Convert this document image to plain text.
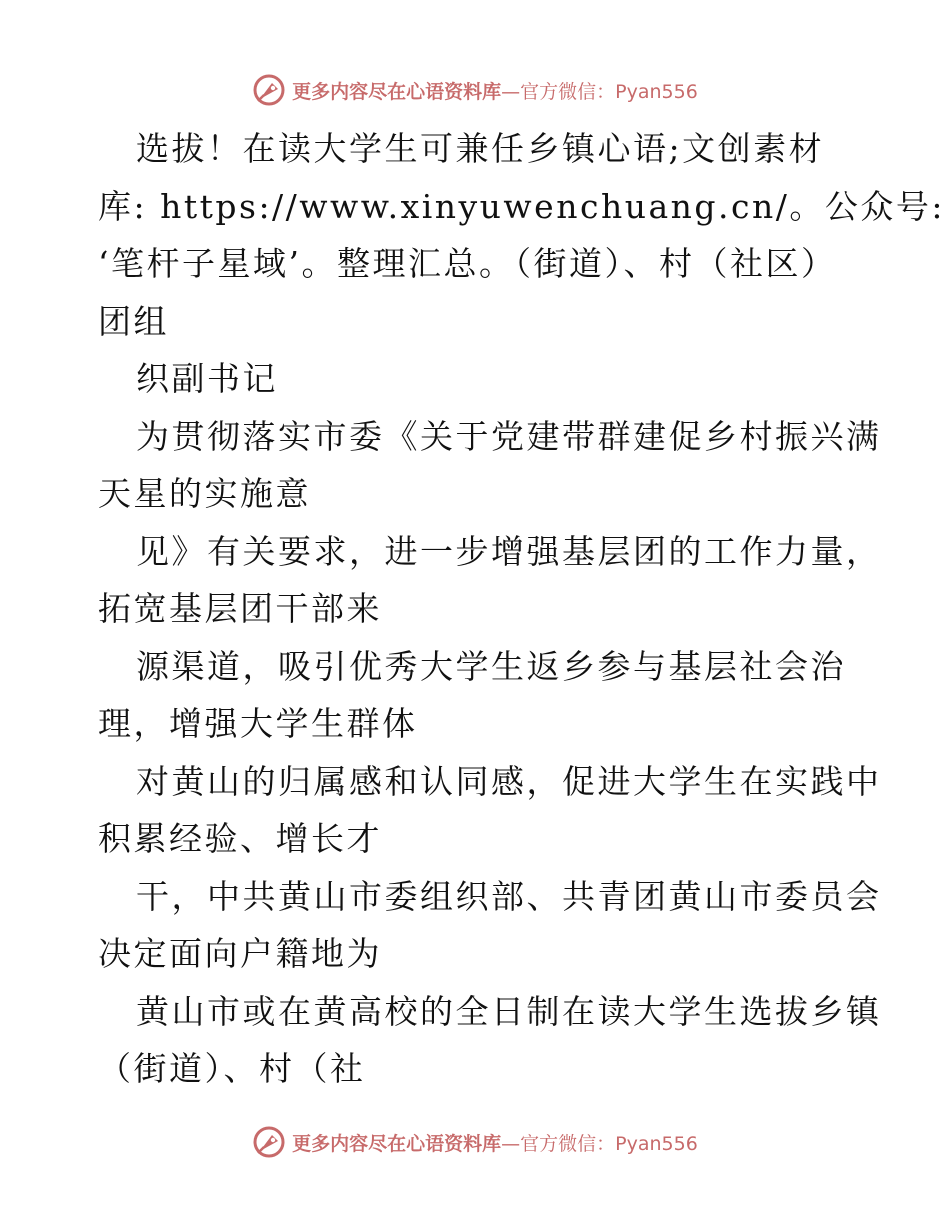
更多内容尽在心语资料库 —官方微信：Pyan556
选拔！在读大学生可兼任乡镇心语;文创素材
库: https://www.xinyuwenchuang.cn/。公众号:
‘笔杆子星域’。整理汇总。（街道）、村（社区）
团组
织副书记
为贯彻落实市委《关于党建带群建促乡村振兴满
天星的实施意
见》有关要求，进一步增强基层团的工作力量，
拓宽基层团干部来
源渠道，吸引优秀大学生返乡参与基层社会治
理，增强大学生群体
对黄山的归属感和认同感，促进大学生在实践中
积累经验、增长才
干，中共黄山市委组织部、共青团黄山市委员会
决定面向户籍地为
黄山市或在黄高校的全日制在读大学生选拔乡镇
（街道）、村（社
更多内容尽在心语资料库 —官方微信：Pyan556
